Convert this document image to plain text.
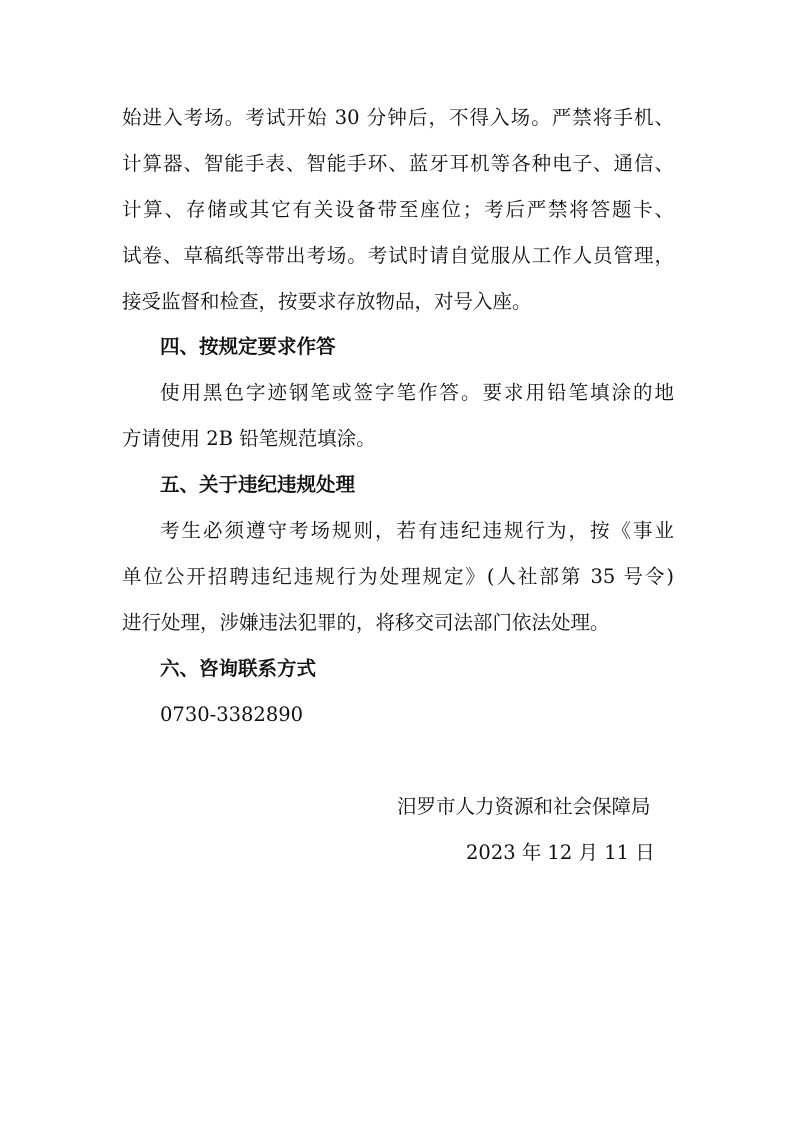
始进入考场。考试开始 30 分钟后，不得入场。严禁将手机、
计算器、智能手表、智能手环、蓝牙耳机等各种电子、通信、
计算、存储或其它有关设备带至座位；考后严禁将答题卡、
试卷、草稿纸等带出考场。考试时请自觉服从工作人员管理，
接受监督和检查，按要求存放物品，对号入座。
四、按规定要求作答
使用黑色字迹钢笔或签字笔作答。要求用铅笔填涂的地
方请使用 2B 铅笔规范填涂。
五、关于违纪违规处理
考生必须遵守考场规则，若有违纪违规行为，按《事业
单位公开招聘违纪违规行为处理规定》(人社部第 35 号令)
进行处理，涉嫌违法犯罪的，将移交司法部门依法处理。
六、咨询联系方式
0730-3382890
汨罗市人力资源和社会保障局
2023 年 12 月 11 日
